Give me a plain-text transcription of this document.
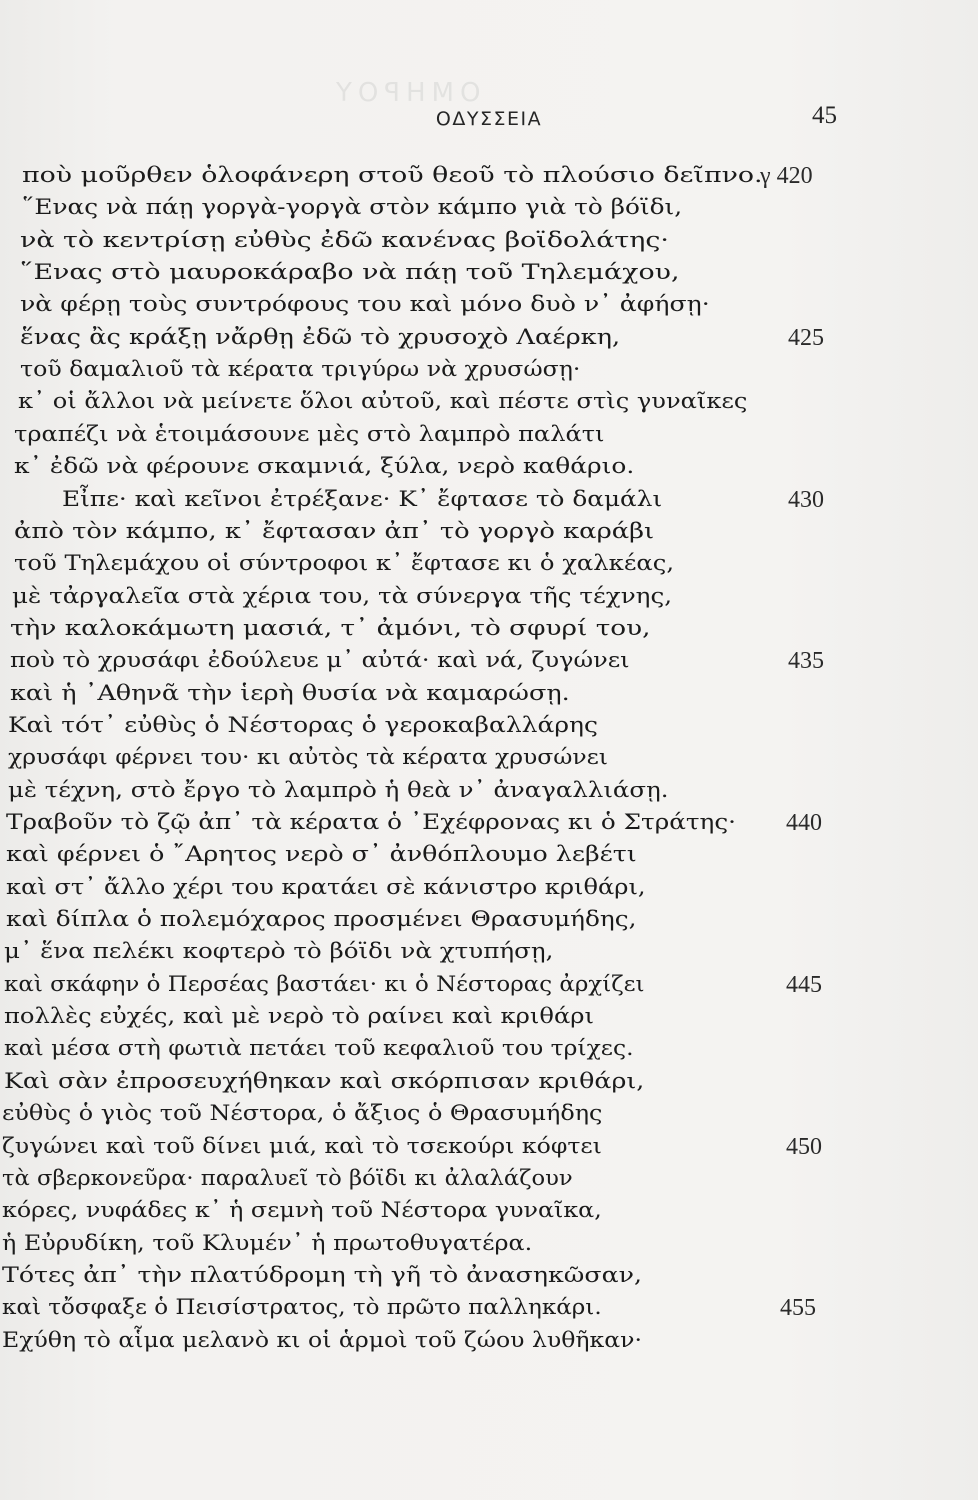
ΟΜΗΡΟΥ
ΟΔΥΣΣΕΙΑ	45
ποὺ μοῦρθεν ὁλοφάνερη στοῦ θεοῦ τὸ πλούσιο δεῖπνο.
γ 420
῞Ενας νὰ πάῃ γοργὰ-γοργὰ στὸν κάμπο γιὰ τὸ βόϊδι,
νὰ τὸ κεντρίσῃ εὐθὺς ἐδῶ κανένας βοϊδολάτης·
῞Ενας στὸ μαυροκάραβο νὰ πάῃ τοῦ Τηλεμάχου,
νὰ φέρῃ τοὺς συντρόφους του καὶ μόνο δυὸ ν᾽ ἀφήσῃ·
ἕνας ἂς κράξῃ νἄρθῃ ἐδῶ τὸ χρυσοχὸ Λαέρκη,	425
τοῦ δαμαλιοῦ τὰ κέρατα τριγύρω νὰ χρυσώσῃ·
κ᾽ οἱ ἄλλοι νὰ μείνετε ὅλοι αὐτοῦ, καὶ πέστε στὶς γυναῖκες
τραπέζι νὰ ἑτοιμάσουνε μὲς στὸ λαμπρὸ παλάτι
κ᾽ ἐδῶ νὰ φέρουνε σκαμνιά, ξύλα, νερὸ καθάριο.
Εἶπε· καὶ κεῖνοι ἐτρέξανε· Κ᾽ ἔφτασε τὸ δαμάλι	430
ἀπὸ τὸν κάμπο, κ᾽ ἔφτασαν ἀπ᾽ τὸ γοργὸ καράβι
τοῦ Τηλεμάχου οἱ σύντροφοι κ᾽ ἔφτασε κι ὁ χαλκέας,
μὲ τἀργαλεῖα στὰ χέρια του, τὰ σύνεργα τῆς τέχνης,
τὴν καλοκάμωτη μασιά, τ᾽ ἀμόνι, τὸ σφυρί του,
ποὺ τὸ χρυσάφι ἐδούλευε μ᾽ αὐτά· καὶ νά, ζυγώνει	435
καὶ ἡ ᾽Αθηνᾶ τὴν ἱερὴ θυσία νὰ καμαρώσῃ.
Καὶ τότ᾽ εὐθὺς ὁ Νέστορας ὁ γεροκαβαλλάρης
χρυσάφι φέρνει του· κι αὐτὸς τὰ κέρατα χρυσώνει
μὲ τέχνη, στὸ ἔργο τὸ λαμπρὸ ἡ θεὰ ν᾽ ἀναγαλλιάσῃ.
Τραβοῦν τὸ ζῷ ἀπ᾽ τὰ κέρατα ὁ ᾽Εχέφρονας κι ὁ Στράτης· 440
καὶ φέρνει ὁ ῎Αρητος νερὸ σ᾽ ἀνθόπλουμο λεβέτι
καὶ στ᾽ ἄλλο χέρι του κρατάει σὲ κάνιστρο κριθάρι,
καὶ δίπλα ὁ πολεμόχαρος προσμένει Θρασυμήδης,
μ᾽ ἕνα πελέκι κοφτερὸ τὸ βόϊδι νὰ χτυπήσῃ,
καὶ σκάφην ὁ Περσέας βαστάει· κι ὁ Νέστορας ἀρχίζει	445
πολλὲς εὐχές, καὶ μὲ νερὸ τὸ ραίνει καὶ κριθάρι
καὶ μέσα στὴ φωτιὰ πετάει τοῦ κεφαλιοῦ του τρίχες.
Καὶ σὰν ἐπροσευχήθηκαν καὶ σκόρπισαν κριθάρι,
εὐθὺς ὁ γιὸς τοῦ Νέστορα, ὁ ἄξιος ὁ Θρασυμήδης
ζυγώνει καὶ τοῦ δίνει μιά, καὶ τὸ τσεκούρι κόφτει	450
τὰ σβερκονεῦρα· παραλυεῖ τὸ βόϊδι κι ἀλαλάζουν
κόρες, νυφάδες κ᾽ ἡ σεμνὴ τοῦ Νέστορα γυναῖκα,
ἡ Εὐρυδίκη, τοῦ Κλυμέν᾽ ἡ πρωτοθυγατέρα.
Τότες ἀπ᾽ τὴν πλατύδρομη τὴ γῆ τὸ ἀνασηκῶσαν,
καὶ τὄσφαξε ὁ Πεισίστρατος, τὸ πρῶτο παλληκάρι.	455
Εχύθη τὸ αἷμα μελανὸ κι οἱ ἁρμοὶ τοῦ ζώου λυθῆκαν·
